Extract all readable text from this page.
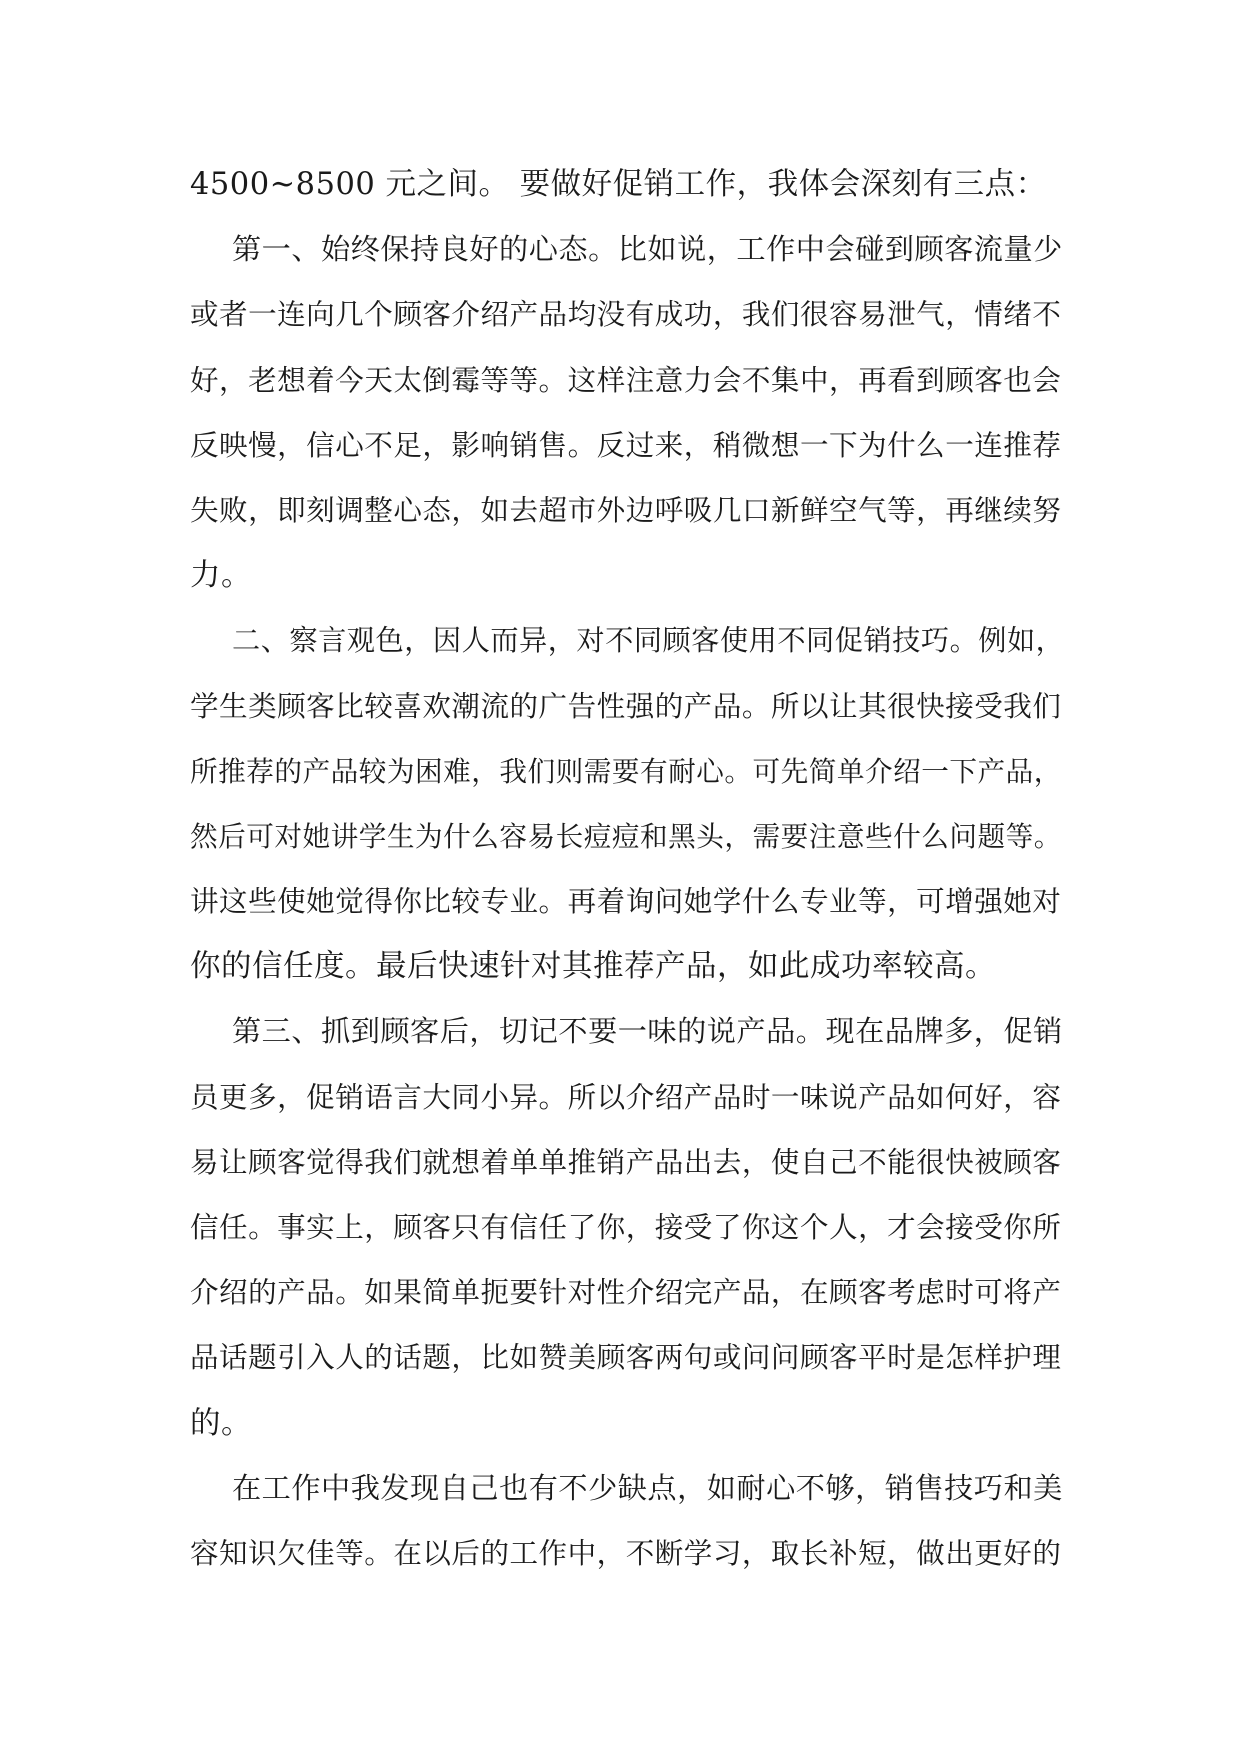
4500~8500 元之间。 要做好促销工作，我体会深刻有三点：
第一、始终保持良好的心态。比如说，工作中会碰到顾客流量少
或者一连向几个顾客介绍产品均没有成功，我们很容易泄气，情绪不
好，老想着今天太倒霉等等。这样注意力会不集中，再看到顾客也会
反映慢，信心不足，影响销售。反过来，稍微想一下为什么一连推荐
失败，即刻调整心态，如去超市外边呼吸几口新鲜空气等，再继续努
力。
二、察言观色，因人而异，对不同顾客使用不同促销技巧。例如，
学生类顾客比较喜欢潮流的广告性强的产品。所以让其很快接受我们
所推荐的产品较为困难，我们则需要有耐心。可先简单介绍一下产品，
然后可对她讲学生为什么容易长痘痘和黑头，需要注意些什么问题等。
讲这些使她觉得你比较专业。再着询问她学什么专业等，可增强她对
你的信任度。最后快速针对其推荐产品，如此成功率较高。
第三、抓到顾客后，切记不要一味的说产品。现在品牌多，促销
员更多，促销语言大同小异。所以介绍产品时一味说产品如何好，容
易让顾客觉得我们就想着单单推销产品出去，使自己不能很快被顾客
信任。事实上，顾客只有信任了你，接受了你这个人，才会接受你所
介绍的产品。如果简单扼要针对性介绍完产品，在顾客考虑时可将产
品话题引入人的话题，比如赞美顾客两句或问问顾客平时是怎样护理
的。
在工作中我发现自己也有不少缺点，如耐心不够，销售技巧和美
容知识欠佳等。在以后的工作中，不断学习，取长补短，做出更好的
